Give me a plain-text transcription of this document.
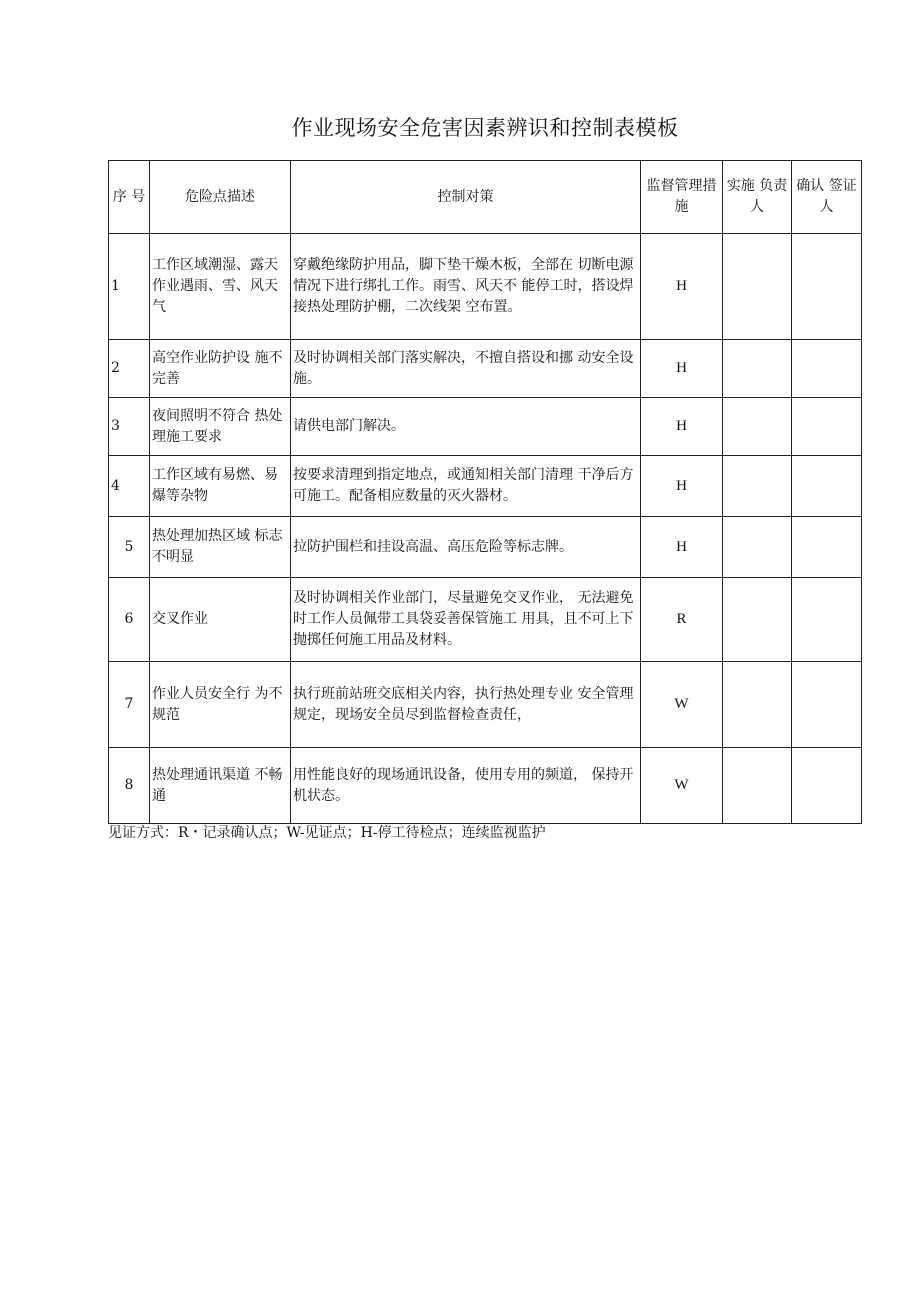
作业现场安全危害因素辨识和控制表模板
序 号	危险点描述	控制对策	监督管理措施	实施 负责人	确认 签证人
1	工作区域潮湿、露天作业遇雨、雪、风天气	穿戴绝缘防护用品，脚下垫干燥木板，全部在 切断电源情况下进行绑扎工作。雨雪、风天不 能停工时，搭设焊接热处理防护棚，二次线架 空布置。	H		
2	高空作业防护设 施不完善	及时协调相关部门落实解决，不擅自搭设和挪 动安全设施。	H		
3	夜间照明不符合 热处理施工要求	请供电部门解决。	H		
4	工作区域有易燃、易爆等杂物	按要求清理到指定地点，或通知相关部门清理 干净后方可施工。配备相应数量的灭火器材。	H		
5	热处理加热区域 标志不明显	拉防护围栏和挂设高温、高压危险等标志牌。	H		
6	交叉作业	及时协调相关作业部门，尽量避免交叉作业， 无法避免时工作人员佩带工具袋妥善保管施工 用具，且不可上下抛掷任何施工用品及材料。	R		
7	作业人员安全行 为不规范	执行班前站班交底相关内容，执行热处理专业 安全管理规定，现场安全员尽到监督检查责任，	W		
8	热处理通讯渠道 不畅通	用性能良好的现场通讯设备，使用专用的频道， 保持开机状态。	W		
见证方式：R・记录确认点；W-见证点；H-停工待检点；连续监视监护
